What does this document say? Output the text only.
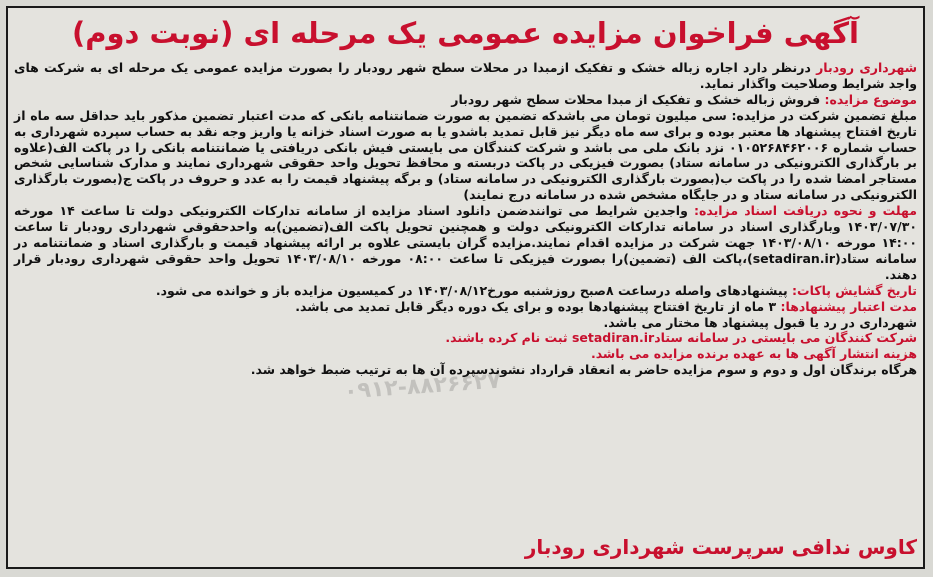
آگهی فراخوان مزایده عمومی یک مرحله ای (نوبت دوم)

شهرداری رودبار درنظر دارد اجاره زباله خشک و تفکیک ازمبدا در محلات سطح شهر رودبار را بصورت مزایده عمومی یک مرحله ای به شرکت های واجد شرایط وصلاحیت واگذار نماید.

موضوع مزایده: فروش زباله خشک و تفکیک از مبدا محلات سطح شهر رودبار

مبلغ تضمین شرکت در مزایده: سی میلیون تومان می باشدکه تضمین به صورت ضمانتنامه بانکی که مدت اعتبار تضمین مذکور باید حداقل سه ماه از تاریخ افتتاح پیشنهاد ها معتبر بوده و برای سه ماه دیگر نیز قابل تمدید باشدو یا به صورت اسناد خزانه یا واریز وجه نقد به حساب سپرده شهرداری به حساب شماره ۰۱۰۵۲۶۸۴۶۲۰۰۶ نزد بانک ملی می باشد و شرکت کنندگان می بایستی فیش بانکی دریافتی یا ضمانتنامه بانکی را در پاکت الف(علاوه بر بارگذاری الکترونیکی در سامانه ستاد) بصورت فیزیکی در پاکت دربسته و محافظ تحویل واحد حقوقی شهرداری نمایند و مدارک شناسایی شخص مستاجر امضا شده را در پاکت ب(بصورت بارگذاری الکترونیکی در سامانه ستاد) و برگه پیشنهاد قیمت را به عدد و حروف در پاکت ج(بصورت بارگذاری الکترونیکی در سامانه ستاد و در جایگاه مشخص شده در سامانه درج نمایند)

مهلت و نحوه دریافت اسناد مزایده: واجدین شرایط می توانندضمن دانلود اسناد مزایده از سامانه تدارکات الکترونیکی دولت تا ساعت ۱۴ مورخه ۱۴۰۳/۰۷/۳۰ وبارگذاری اسناد در سامانه تدارکات الکترونیکی دولت و همچنین تحویل پاکت الف(تضمین)به واحدحقوقی شهرداری رودبار تا ساعت ۱۴:۰۰ مورخه ۱۴۰۳/۰۸/۱۰ جهت شرکت در مزایده اقدام نمایند.مزایده گران بایستی علاوه بر ارائه پیشنهاد قیمت و بارگذاری اسناد و ضمانتنامه در سامانه ستاد(setadiran.ir)،پاکت الف (تضمین)را بصورت فیزیکی تا ساعت ۰۸:۰۰ مورخه ۱۴۰۳/۰۸/۱۰ تحویل واحد حقوقی شهرداری رودبار قرار دهند.

تاریخ گشایش پاکات: پیشنهادهای واصله درساعت ۸صبح روزشنبه مورخ۱۴۰۳/۰۸/۱۲ در کمیسیون مزایده باز و خوانده می شود.

مدت اعتبار پیشنهادها: ۳ ماه از تاریخ افتتاح پیشنهادها بوده و برای یک دوره دیگر قابل تمدید می باشد.

شهرداری در رد یا قبول پیشنهاد ها مختار می باشد.

شرکت کنندگان می بایستی در سامانه ستادsetadiran.ir ثبت نام کرده باشند.

هزینه انتشار آگهی ها به عهده برنده مزایده می باشد.

هرگاه برندگان اول و دوم و سوم مزایده حاضر به انعقاد قرارداد نشوندسپرده آن ها به ترتیب ضبط خواهد شد.

۰۹۱۲-۸۸۲۶۶۲۷
کاوس ندافی سرپرست شهرداری رودبار
